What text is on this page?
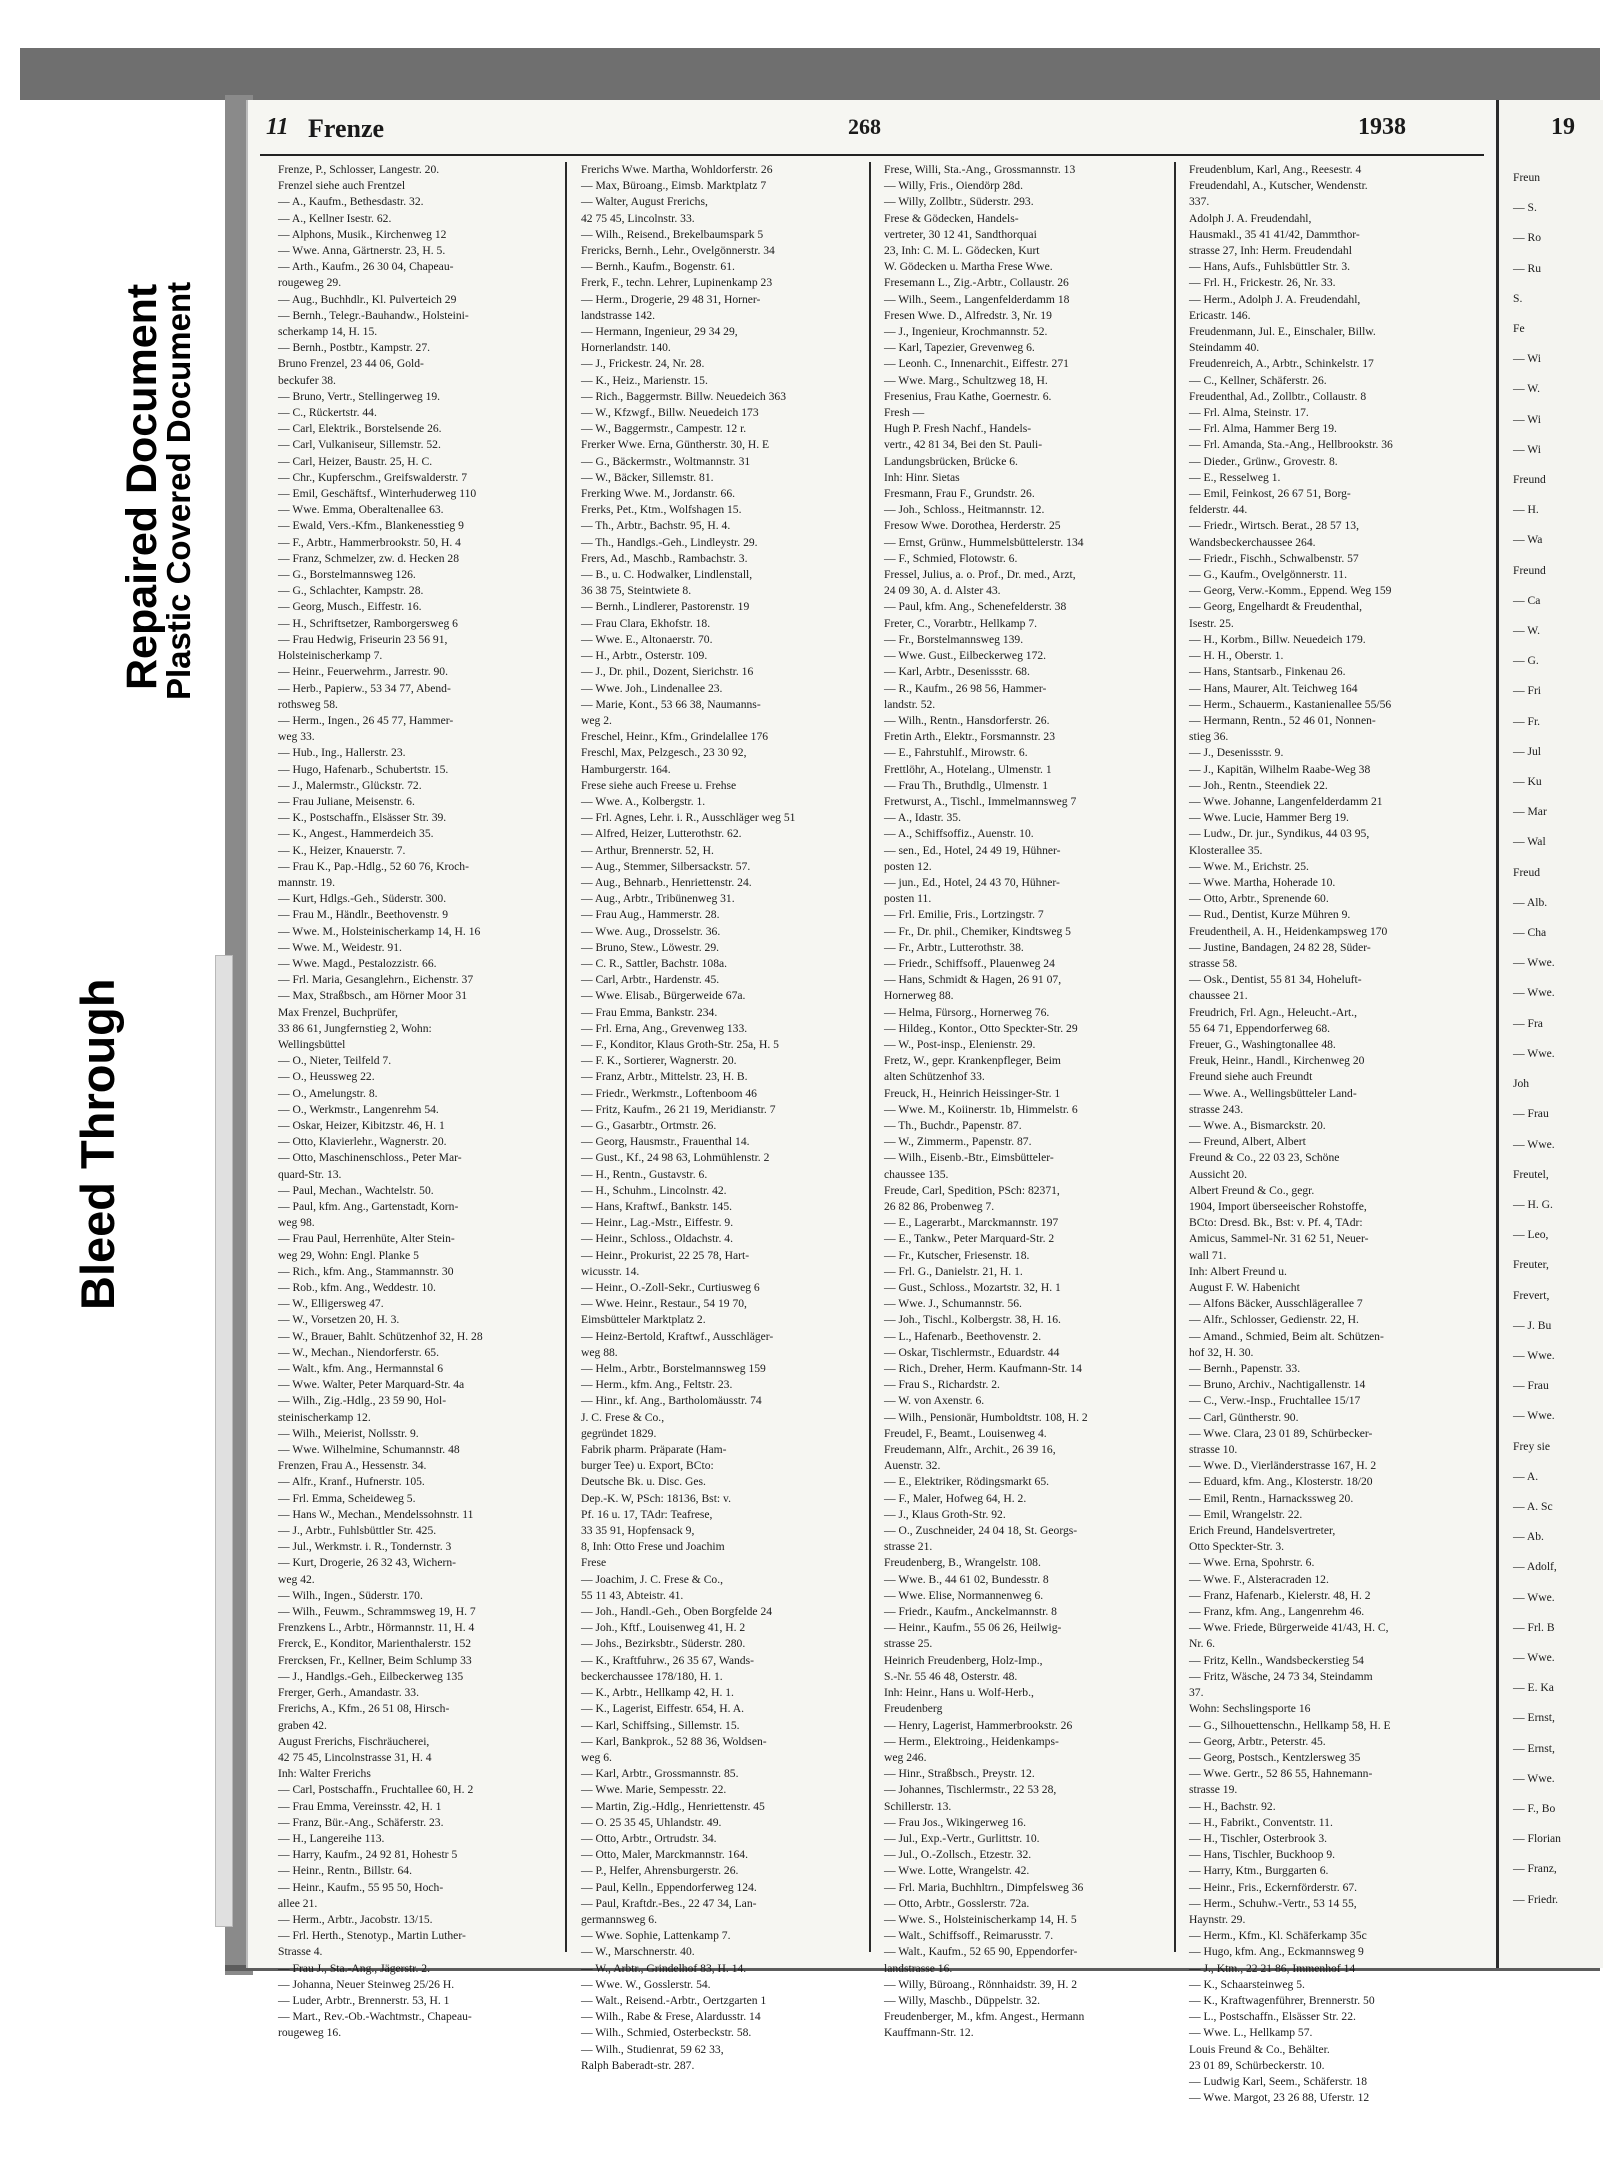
Bleed Through
Repaired Document
Plastic Covered Document
11 Frenze	268	1938

Frenze, P., Schlosser, Langestr. 20.

Frenzel siehe auch Frentzel

— A., Kaufm., Bethesdastr. 32.

— A., Kellner Isestr. 62.

— Alphons, Musik., Kirchenweg 12

— Wwe. Anna, Gärtnerstr. 23, H. 5.

— Arth., Kaufm., 26 30 04, Chapeau-

rougeweg 29.

— Aug., Buchhdlr., Kl. Pulverteich 29

— Bernh., Telegr.-Bauhandw., Holsteini-

scherkamp 14, H. 15.

— Bernh., Postbtr., Kampstr. 27.

Bruno Frenzel, 23 44 06, Gold-

beckufer 38.

— Bruno, Vertr., Stellingerweg 19.

— C., Rückertstr. 44.

— Carl, Elektrik., Borstelsende 26.

— Carl, Vulkaniseur, Sillemstr. 52.

— Carl, Heizer, Baustr. 25, H. C.

— Chr., Kupferschm., Greifswalderstr. 7

— Emil, Geschäftsf., Winterhuderweg 110

— Wwe. Emma, Oberaltenallee 63.

— Ewald, Vers.-Kfm., Blankenesstieg 9

— F., Arbtr., Hammerbrookstr. 50, H. 4

— Franz, Schmelzer, zw. d. Hecken 28

— G., Borstelmannsweg 126.

— G., Schlachter, Kampstr. 28.

— Georg, Musch., Eiffestr. 16.

— H., Schriftsetzer, Ramborgersweg 6

— Frau Hedwig, Friseurin 23 56 91,

Holsteinischerkamp 7.

— Heinr., Feuerwehrm., Jarrestr. 90.

— Herb., Papierw., 53 34 77, Abend-

rothsweg 58.

— Herm., Ingen., 26 45 77, Hammer-

weg 33.

— Hub., Ing., Hallerstr. 23.

— Hugo, Hafenarb., Schubertstr. 15.

— J., Malermstr., Glückstr. 72.

— Frau Juliane, Meisenstr. 6.

— K., Postschaffn., Elsässer Str. 39.

— K., Angest., Hammerdeich 35.

— K., Heizer, Knauerstr. 7.

— Frau K., Pap.-Hdlg., 52 60 76, Kroch-

mannstr. 19.

— Kurt, Hdlgs.-Geh., Süderstr. 300.

— Frau M., Händlr., Beethovenstr. 9

— Wwe. M., Holsteinischerkamp 14, H. 16

— Wwe. M., Weidestr. 91.

— Wwe. Magd., Pestalozzistr. 66.

— Frl. Maria, Gesanglehrn., Eichenstr. 37

— Max, Straßbsch., am Hörner Moor 31

Max Frenzel, Buchprüfer,

33 86 61, Jungfernstieg 2, Wohn:

Wellingsbüttel

— O., Nieter, Teilfeld 7.

— O., Heussweg 22.

— O., Amelungstr. 8.

— O., Werkmstr., Langenrehm 54.

— Oskar, Heizer, Kibitzstr. 46, H. 1

— Otto, Klavierlehr., Wagnerstr. 20.

— Otto, Maschinenschloss., Peter Mar-

quard-Str. 13.

— Paul, Mechan., Wachtelstr. 50.

— Paul, kfm. Ang., Gartenstadt, Korn-

weg 98.

— Frau Paul, Herrenhüte, Alter Stein-

weg 29, Wohn: Engl. Planke 5

— Rich., kfm. Ang., Stammannstr. 30

— Rob., kfm. Ang., Weddestr. 10.

— W., Elligersweg 47.

— W., Vorsetzen 20, H. 3.

— W., Brauer, Bahlt. Schützenhof 32, H. 28

— W., Mechan., Niendorferstr. 65.

— Walt., kfm. Ang., Hermannstal 6

— Wwe. Walter, Peter Marquard-Str. 4a

— Wilh., Zig.-Hdlg., 23 59 90, Hol-

steinischerkamp 12.

— Wilh., Meierist, Nollsstr. 9.

— Wwe. Wilhelmine, Schumannstr. 48

Frenzen, Frau A., Hessenstr. 34.

— Alfr., Kranf., Hufnerstr. 105.

— Frl. Emma, Scheideweg 5.

— Hans W., Mechan., Mendelssohnstr. 11

— J., Arbtr., Fuhlsbüttler Str. 425.

— Jul., Werkmstr. i. R., Tondernstr. 3

— Kurt, Drogerie, 26 32 43, Wichern-

weg 42.

— Wilh., Ingen., Süderstr. 170.

— Wilh., Feuwm., Schrammsweg 19, H. 7

Frenzkens L., Arbtr., Hörmannstr. 11, H. 4

Frerck, E., Konditor, Marienthalerstr. 152

Frercksen, Fr., Kellner, Beim Schlump 33

— J., Handlgs.-Geh., Eilbeckerweg 135

Frerger, Gerh., Amandastr. 33.

Frerichs, A., Kfm., 26 51 08, Hirsch-

graben 42.

August Frerichs, Fischräucherei,

42 75 45, Lincolnstrasse 31, H. 4

Inh: Walter Frerichs

— Carl, Postschaffn., Fruchtallee 60, H. 2

— Frau Emma, Vereinsstr. 42, H. 1

— Franz, Bür.-Ang., Schäferstr. 23.

— H., Langereihe 113.

— Harry, Kaufm., 24 92 81, Hohestr 5

— Heinr., Rentn., Billstr. 64.

— Heinr., Kaufm., 55 95 50, Hoch-

allee 21.

— Herm., Arbtr., Jacobstr. 13/15.

— Frl. Herth., Stenotyp., Martin Luther-

Strasse 4.

— Frau J., Sta.-Ang., Jägerstr. 2.

— Johanna, Neuer Steinweg 25/26 H.

— Luder, Arbtr., Brennerstr. 53, H. 1

— Mart., Rev.-Ob.-Wachtmstr., Chapeau-

rougeweg 16.

Frerichs Wwe. Martha, Wohldorferstr. 26

— Max, Büroang., Eimsb. Marktplatz 7

— Walter, August Frerichs,

42 75 45, Lincolnstr. 33.

— Wilh., Reisend., Brekelbaumspark 5

Frericks, Bernh., Lehr., Ovelgönnerstr. 34

— Bernh., Kaufm., Bogenstr. 61.

Frerk, F., techn. Lehrer, Lupinenkamp 23

— Herm., Drogerie, 29 48 31, Horner-

landstrasse 142.

— Hermann, Ingenieur, 29 34 29,

Hornerlandstr. 140.

— J., Frickestr. 24, Nr. 28.

— K., Heiz., Marienstr. 15.

— Rich., Baggermstr. Billw. Neuedeich 363

— W., Kfzwgf., Billw. Neuedeich 173

— W., Baggermstr., Campestr. 12 r.

Frerker Wwe. Erna, Güntherstr. 30, H. E

— G., Bäckermstr., Woltmannstr. 31

— W., Bäcker, Sillemstr. 81.

Frerking Wwe. M., Jordanstr. 66.

Frerks, Pet., Ktm., Wolfshagen 15.

— Th., Arbtr., Bachstr. 95, H. 4.

— Th., Handlgs.-Geh., Lindleystr. 29.

Frers, Ad., Maschb., Rambachstr. 3.

— B., u. C. Hodwalker, Lindlenstall,

36 38 75, Steintwiete 8.

— Bernh., Lindlerer, Pastorenstr. 19

— Frau Clara, Ekhofstr. 18.

— Wwe. E., Altonaerstr. 70.

— H., Arbtr., Osterstr. 109.

— J., Dr. phil., Dozent, Sierichstr. 16

— Wwe. Joh., Lindenallee 23.

— Marie, Kont., 53 66 38, Naumanns-

weg 2.

Freschel, Heinr., Kfm., Grindelallee 176

Freschl, Max, Pelzgesch., 23 30 92,

Hamburgerstr. 164.

Frese siehe auch Freese u. Frehse

— Wwe. A., Kolbergstr. 1.

— Frl. Agnes, Lehr. i. R., Ausschläger weg 51

— Alfred, Heizer, Lutterothstr. 62.

— Arthur, Brennerstr. 52, H.

— Aug., Stemmer, Silbersackstr. 57.

— Aug., Behnarb., Henriettenstr. 24.

— Aug., Arbtr., Tribünenweg 31.

— Frau Aug., Hammerstr. 28.

— Wwe. Aug., Drosselstr. 36.

— Bruno, Stew., Löwestr. 29.

— C. R., Sattler, Bachstr. 108a.

— Carl, Arbtr., Hardenstr. 45.

— Wwe. Elisab., Bürgerweide 67a.

— Frau Emma, Bankstr. 234.

— Frl. Erna, Ang., Grevenweg 133.

— F., Konditor, Klaus Groth-Str. 25a, H. 5

— F. K., Sortierer, Wagnerstr. 20.

— Franz, Arbtr., Mittelstr. 23, H. B.

— Friedr., Werkmstr., Loftenboom 46

— Fritz, Kaufm., 26 21 19, Meridianstr. 7

— G., Gasarbtr., Ortmstr. 26.

— Georg, Hausmstr., Frauenthal 14.

— Gust., Kf., 24 98 63, Lohmühlenstr. 2

— H., Rentn., Gustavstr. 6.

— H., Schuhm., Lincolnstr. 42.

— Hans, Kraftwf., Bankstr. 145.

— Heinr., Lag.-Mstr., Eiffestr. 9.

— Heinr., Schloss., Oldachstr. 4.

— Heinr., Prokurist, 22 25 78, Hart-

wicusstr. 14.

— Heinr., O.-Zoll-Sekr., Curtiusweg 6

— Wwe. Heinr., Restaur., 54 19 70,

Eimsbütteler Marktplatz 2.

— Heinz-Bertold, Kraftwf., Ausschläger-

weg 88.

— Helm., Arbtr., Borstelmannsweg 159

— Herm., kfm. Ang., Feltstr. 23.

— Hinr., kf. Ang., Bartholomäusstr. 74

J. C. Frese & Co.,

gegründet 1829.

Fabrik pharm. Präparate (Ham-

burger Tee) u. Export, BCto:

Deutsche Bk. u. Disc. Ges.

Dep.-K. W, PSch: 18136, Bst: v.

Pf. 16 u. 17, TAdr: Teafrese,

33 35 91, Hopfensack 9,

8, Inh: Otto Frese und Joachim

Frese

— Joachim, J. C. Frese & Co.,

55 11 43, Abteistr. 41.

— Joh., Handl.-Geh., Oben Borgfelde 24

— Joh., Kftf., Louisenweg 41, H. 2

— Johs., Bezirksbtr., Süderstr. 280.

— K., Kraftfuhrw., 26 35 67, Wands-

beckerchaussee 178/180, H. 1.

— K., Arbtr., Hellkamp 42, H. 1.

— K., Lagerist, Eiffestr. 654, H. A.

— Karl, Schiffsing., Sillemstr. 15.

— Karl, Bankprok., 52 88 36, Woldsen-

weg 6.

— Karl, Arbtr., Grossmannstr. 85.

— Wwe. Marie, Sempesstr. 22.

— Martin, Zig.-Hdlg., Henriettenstr. 45

— O. 25 35 45, Uhlandstr. 49.

— Otto, Arbtr., Ortrudstr. 34.

— Otto, Maler, Marckmannstr. 164.

— P., Helfer, Ahrensburgerstr. 26.

— Paul, Kelln., Eppendorferweg 124.

— Paul, Kraftdr.-Bes., 22 47 34, Lan-

germannsweg 6.

— Wwe. Sophie, Lattenkamp 7.

— W., Marschnerstr. 40.

— W., Arbtr., Grindelhof 83, H. 14.

— Wwe. W., Gosslerstr. 54.

— Walt., Reisend.-Arbtr., Oertzgarten 1

— Wilh., Rabe & Frese, Alardusstr. 14

— Wilh., Schmied, Osterbeckstr. 58.

— Wilh., Studienrat, 59 62 33,

Ralph Baberadt-str. 287.

Frese, Willi, Sta.-Ang., Grossmannstr. 13

— Willy, Fris., Oiendörp 28d.

— Willy, Zollbtr., Süderstr. 293.

Frese & Gödecken, Handels-

vertreter, 30 12 41, Sandthorquai

23, Inh: C. M. L. Gödecken, Kurt

W. Gödecken u. Martha Frese Wwe.

Fresemann L., Zig.-Arbtr., Collaustr. 26

— Wilh., Seem., Langenfelderdamm 18

Fresen Wwe. D., Alfredstr. 3, Nr. 19

— J., Ingenieur, Krochmannstr. 52.

— Karl, Tapezier, Grevenweg 6.

— Leonh. C., Innenarchit., Eiffestr. 271

— Wwe. Marg., Schultzweg 18, H.

Fresenius, Frau Kathe, Goernestr. 6.

Fresh —

Hugh P. Fresh Nachf., Handels-

vertr., 42 81 34, Bei den St. Pauli-

Landungsbrücken, Brücke 6.

Inh: Hinr. Sietas

Fresmann, Frau F., Grundstr. 26.

— Joh., Schloss., Heitmannstr. 12.

Fresow Wwe. Dorothea, Herderstr. 25

— Ernst, Grünw., Hummelsbüttelerstr. 134

— F., Schmied, Flotowstr. 6.

Fressel, Julius, a. o. Prof., Dr. med., Arzt,

24 09 30, A. d. Alster 43.

— Paul, kfm. Ang., Schenefelderstr. 38

Freter, C., Vorarbtr., Hellkamp 7.

— Fr., Borstelmannsweg 139.

— Wwe. Gust., Eilbeckerweg 172.

— Karl, Arbtr., Desenissstr. 68.

— R., Kaufm., 26 98 56, Hammer-

landstr. 52.

— Wilh., Rentn., Hansdorferstr. 26.

Fretin Arth., Elektr., Forsmannstr. 23

— E., Fahrstuhlf., Mirowstr. 6.

Frettlöhr, A., Hotelang., Ulmenstr. 1

— Frau Th., Bruthdlg., Ulmenstr. 1

Fretwurst, A., Tischl., Immelmannsweg 7

— A., Idastr. 35.

— A., Schiffsoffiz., Auenstr. 10.

— sen., Ed., Hotel, 24 49 19, Hühner-

posten 12.

— jun., Ed., Hotel, 24 43 70, Hühner-

posten 11.

— Frl. Emilie, Fris., Lortzingstr. 7

— Fr., Dr. phil., Chemiker, Kindtsweg 5

— Fr., Arbtr., Lutterothstr. 38.

— Friedr., Schiffsoff., Plauenweg 24

— Hans, Schmidt & Hagen, 26 91 07,

Hornerweg 88.

— Helma, Fürsorg., Hornerweg 76.

— Hildeg., Kontor., Otto Speckter-Str. 29

— W., Post-insp., Elenienstr. 29.

Fretz, W., gepr. Krankenpfleger, Beim

alten Schützenhof 33.

Freuck, H., Heinrich Heissinger-Str. 1

— Wwe. M., Koiinerstr. 1b, Himmelstr. 6

— Th., Buchdr., Papenstr. 87.

— W., Zimmerm., Papenstr. 87.

— Wilh., Eisenb.-Btr., Eimsbütteler-

chaussee 135.

Freude, Carl, Spedition, PSch: 82371,

26 82 86, Probenweg 7.

— E., Lagerarbt., Marckmannstr. 197

— E., Tankw., Peter Marquard-Str. 2

— Fr., Kutscher, Friesenstr. 18.

— Frl. G., Danielstr. 21, H. 1.

— Gust., Schloss., Mozartstr. 32, H. 1

— Wwe. J., Schumannstr. 56.

— Joh., Tischl., Kolbergstr. 38, H. 16.

— L., Hafenarb., Beethovenstr. 2.

— Oskar, Tischlermstr., Eduardstr. 44

— Rich., Dreher, Herm. Kaufmann-Str. 14

— Frau S., Richardstr. 2.

— W. von Axenstr. 6.

— Wilh., Pensionär, Humboldtstr. 108, H. 2

Freudel, F., Beamt., Louisenweg 4.

Freudemann, Alfr., Archit., 26 39 16,

Auenstr. 32.

— E., Elektriker, Rödingsmarkt 65.

— F., Maler, Hofweg 64, H. 2.

— J., Klaus Groth-Str. 92.

— O., Zuschneider, 24 04 18, St. Georgs-

strasse 21.

Freudenberg, B., Wrangelstr. 108.

— Wwe. B., 44 61 02, Bundesstr. 8

— Wwe. Elise, Normannenweg 6.

— Friedr., Kaufm., Anckelmannstr. 8

— Heinr., Kaufm., 55 06 26, Heilwig-

strasse 25.

Heinrich Freudenberg, Holz-Imp.,

S.-Nr. 55 46 48, Osterstr. 48.

Inh: Heinr., Hans u. Wolf-Herb.,

Freudenberg

— Henry, Lagerist, Hammerbrookstr. 26

— Herm., Elektroing., Heidenkamps-

weg 246.

— Hinr., Straßbsch., Preystr. 12.

— Johannes, Tischlermstr., 22 53 28,

Schillerstr. 13.

— Frau Jos., Wikingerweg 16.

— Jul., Exp.-Vertr., Gurlittstr. 10.

— Jul., O.-Zollsch., Etzestr. 32.

— Wwe. Lotte, Wrangelstr. 42.

— Frl. Maria, Buchhltrn., Dimpfelsweg 36

— Otto, Arbtr., Gosslerstr. 72a.

— Wwe. S., Holsteinischerkamp 14, H. 5

— Walt., Schiffsoff., Reimarusstr. 7.

— Walt., Kaufm., 52 65 90, Eppendorfer-

landstrasse 16.

— Willy, Büroang., Rönnhaidstr. 39, H. 2

— Willy, Maschb., Düppelstr. 32.

Freudenberger, M., kfm. Angest., Hermann

Kauffmann-Str. 12.

Freudenblum, Karl, Ang., Reesestr. 4

Freudendahl, A., Kutscher, Wendenstr.

337.

Adolph J. A. Freudendahl,

Hausmakl., 35 41 41/42, Dammthor-

strasse 27, Inh: Herm. Freudendahl

— Hans, Aufs., Fuhlsbüttler Str. 3.

— Frl. H., Frickestr. 26, Nr. 33.

— Herm., Adolph J. A. Freudendahl,

Ericastr. 146.

Freudenmann, Jul. E., Einschaler, Billw.

Steindamm 40.

Freudenreich, A., Arbtr., Schinkelstr. 17

— C., Kellner, Schäferstr. 26.

Freudenthal, Ad., Zollbtr., Collaustr. 8

— Frl. Alma, Steinstr. 17.

— Frl. Alma, Hammer Berg 19.

— Frl. Amanda, Sta.-Ang., Hellbrookstr. 36

— Dieder., Grünw., Grovestr. 8.

— E., Resselweg 1.

— Emil, Feinkost, 26 67 51, Borg-

felderstr. 44.

— Friedr., Wirtsch. Berat., 28 57 13,

Wandsbeckerchaussee 264.

— Friedr., Fischh., Schwalbenstr. 57

— G., Kaufm., Ovelgönnerstr. 11.

— Georg, Verw.-Komm., Eppend. Weg 159

— Georg, Engelhardt & Freudenthal,

Isestr. 25.

— H., Korbm., Billw. Neuedeich 179.

— H. H., Oberstr. 1.

— Hans, Stantsarb., Finkenau 26.

— Hans, Maurer, Alt. Teichweg 164

— Herm., Schauerm., Kastanienallee 55/56

— Hermann, Rentn., 52 46 01, Nonnen-

stieg 36.

— J., Desenissstr. 9.

— J., Kapitän, Wilhelm Raabe-Weg 38

— Joh., Rentn., Steendiek 22.

— Wwe. Johanne, Langenfelderdamm 21

— Wwe. Lucie, Hammer Berg 19.

— Ludw., Dr. jur., Syndikus, 44 03 95,

Klosterallee 35.

— Wwe. M., Erichstr. 25.

— Wwe. Martha, Hoherade 10.

— Otto, Arbtr., Sprenende 60.

— Rud., Dentist, Kurze Mühren 9.

Freudentheil, A. H., Heidenkampsweg 170

— Justine, Bandagen, 24 82 28, Süder-

strasse 58.

— Osk., Dentist, 55 81 34, Hoheluft-

chaussee 21.

Freudrich, Frl. Agn., Heleucht.-Art.,

55 64 71, Eppendorferweg 68.

Freuer, G., Washingtonallee 48.

Freuk, Heinr., Handl., Kirchenweg 20

Freund siehe auch Freundt

— Wwe. A., Wellingsbütteler Land-

strasse 243.

— Wwe. A., Bismarckstr. 20.

— Freund, Albert, Albert

Freund & Co., 22 03 23, Schöne

Aussicht 20.

Albert Freund & Co., gegr.

1904, Import überseeischer Rohstoffe,

BCto: Dresd. Bk., Bst: v. Pf. 4, TAdr:

Amicus, Sammel-Nr. 31 62 51, Neuer-

wall 71.

Inh: Albert Freund u.

August F. W. Habenicht

— Alfons Bäcker, Ausschlägerallee 7

— Alfr., Schlosser, Gedienstr. 22, H.

— Amand., Schmied, Beim alt. Schützen-

hof 32, H. 30.

— Bernh., Papenstr. 33.

— Bruno, Archiv., Nachtigallenstr. 14

— C., Verw.-Insp., Fruchtallee 15/17

— Carl, Güntherstr. 90.

— Wwe. Clara, 23 01 89, Schürbecker-

strasse 10.

— Wwe. D., Vierländerstrasse 167, H. 2

— Eduard, kfm. Ang., Klosterstr. 18/20

— Emil, Rentn., Harnackssweg 20.

— Emil, Wrangelstr. 22.

Erich Freund, Handelsvertreter,

Otto Speckter-Str. 3.

— Wwe. Erna, Spohrstr. 6.

— Wwe. F., Alsteracraden 12.

— Franz, Hafenarb., Kielerstr. 48, H. 2

— Franz, kfm. Ang., Langenrehm 46.

— Wwe. Friede, Bürgerweide 41/43, H. C,

Nr. 6.

— Fritz, Kelln., Wandsbeckerstieg 54

— Fritz, Wäsche, 24 73 34, Steindamm

37.

Wohn: Sechslingsporte 16

— G., Silhouettenschn., Hellkamp 58, H. E

— Georg, Arbtr., Peterstr. 45.

— Georg, Postsch., Kentzlersweg 35

— Wwe. Gertr., 52 86 55, Hahnemann-

strasse 19.

— H., Bachstr. 92.

— H., Fabrikt., Conventstr. 11.

— H., Tischler, Osterbrook 3.

— Hans, Tischler, Buckhoop 9.

— Harry, Ktm., Burggarten 6.

— Heinr., Fris., Eckernförderstr. 67.

— Herm., Schuhw.-Vertr., 53 14 55,

Haynstr. 29.

— Herm., Kfm., Kl. Schäferkamp 35c

— Hugo, kfm. Ang., Eckmannsweg 9

— J., Ktm., 22 21 86, Immenhof 14

— K., Schaarsteinweg 5.

— K., Kraftwagenführer, Brennerstr. 50

— L., Postschaffn., Elsässer Str. 22.

— Wwe. L., Hellkamp 57.

Louis Freund & Co., Behälter.

23 01 89, Schürbeckerstr. 10.

— Ludwig Karl, Seem., Schäferstr. 18

— Wwe. Margot, 23 26 88, Uferstr. 12

19

Freun

— S.

— Ro

— Ru

S.

Fe

— Wi

— W.

— Wi

— Wi

Freund

— H.

— Wa

Freund

— Ca

— W.

— G.

— Fri

— Fr.

— Jul

— Ku

— Mar

— Wal

Freud

— Alb.

— Cha

— Wwe.

— Wwe.

— Fra

— Wwe.

Joh

— Frau

— Wwe.

Freutel,

— H. G.

— Leo,

Freuter,

Frevert,

— J. Bu

— Wwe.

— Frau

— Wwe.

Frey sie

— A.

— A. Sc

— Ab.

— Adolf,

— Wwe.

— Frl. B

— Wwe.

— E. Ka

— Ernst,

— Ernst,

— Wwe.

— F., Bo

— Florian

— Franz,

— Friedr.
